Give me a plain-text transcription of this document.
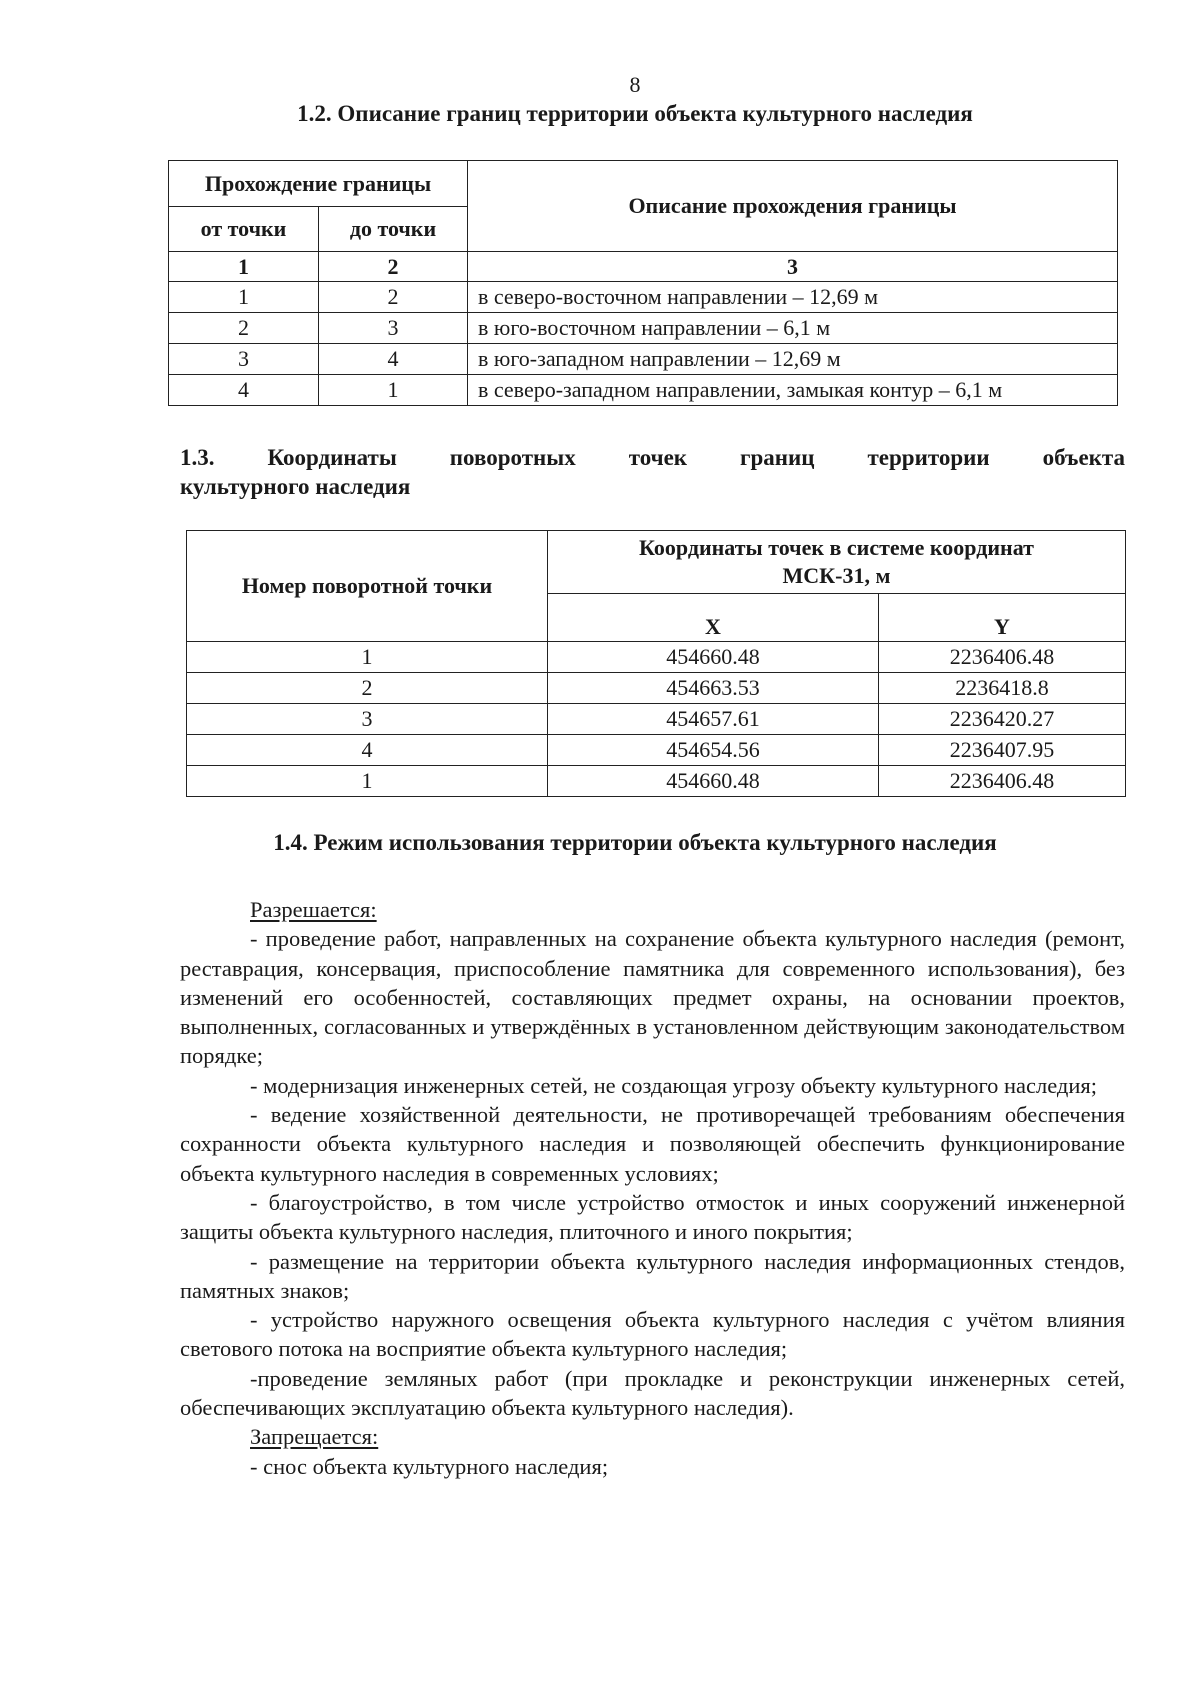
8
1.2. Описание границ территории объекта культурного наследия
Прохождение границы		Описание прохождения границы
от точки	до точки	
1	2	3
1	2	в северо-восточном направлении – 12,69 м
2	3	в юго-восточном направлении – 6,1 м
3	4	в юго-западном направлении – 12,69 м
4	1	в северо-западном направлении, замыкая контур – 6,1 м
1.3. Координаты поворотных точек границ территории объекта
культурного наследия
Номер поворотной точки	Координаты точек в системе координат
МСК-31, м	
	X	Y
1	454660.48	2236406.48
2	454663.53	2236418.8
3	454657.61	2236420.27
4	454654.56	2236407.95
1	454660.48	2236406.48
1.4. Режим использования территории объекта культурного наследия

Разрешается:

- проведение работ, направленных на сохранение объекта культурного наследия (ремонт, реставрация, консервация, приспособление памятника для современного использования), без изменений его особенностей, составляющих предмет охраны, на основании проектов, выполненных, согласованных и утверждённых в установленном действующим законодательством порядке;

- модернизация инженерных сетей, не создающая угрозу объекту культурного наследия;

- ведение хозяйственной деятельности, не противоречащей требованиям обеспечения сохранности объекта культурного наследия и позволяющей обеспечить функционирование объекта культурного наследия в современных условиях;

- благоустройство, в том числе устройство отмосток и иных сооружений инженерной защиты объекта культурного наследия, плиточного и иного покрытия;

- размещение на территории объекта культурного наследия информационных стендов, памятных знаков;

- устройство наружного освещения объекта культурного наследия с учётом влияния светового потока на восприятие объекта культурного наследия;

-проведение земляных работ (при прокладке и реконструкции инженерных сетей, обеспечивающих эксплуатацию объекта культурного наследия).

Запрещается:

- снос объекта культурного наследия;
